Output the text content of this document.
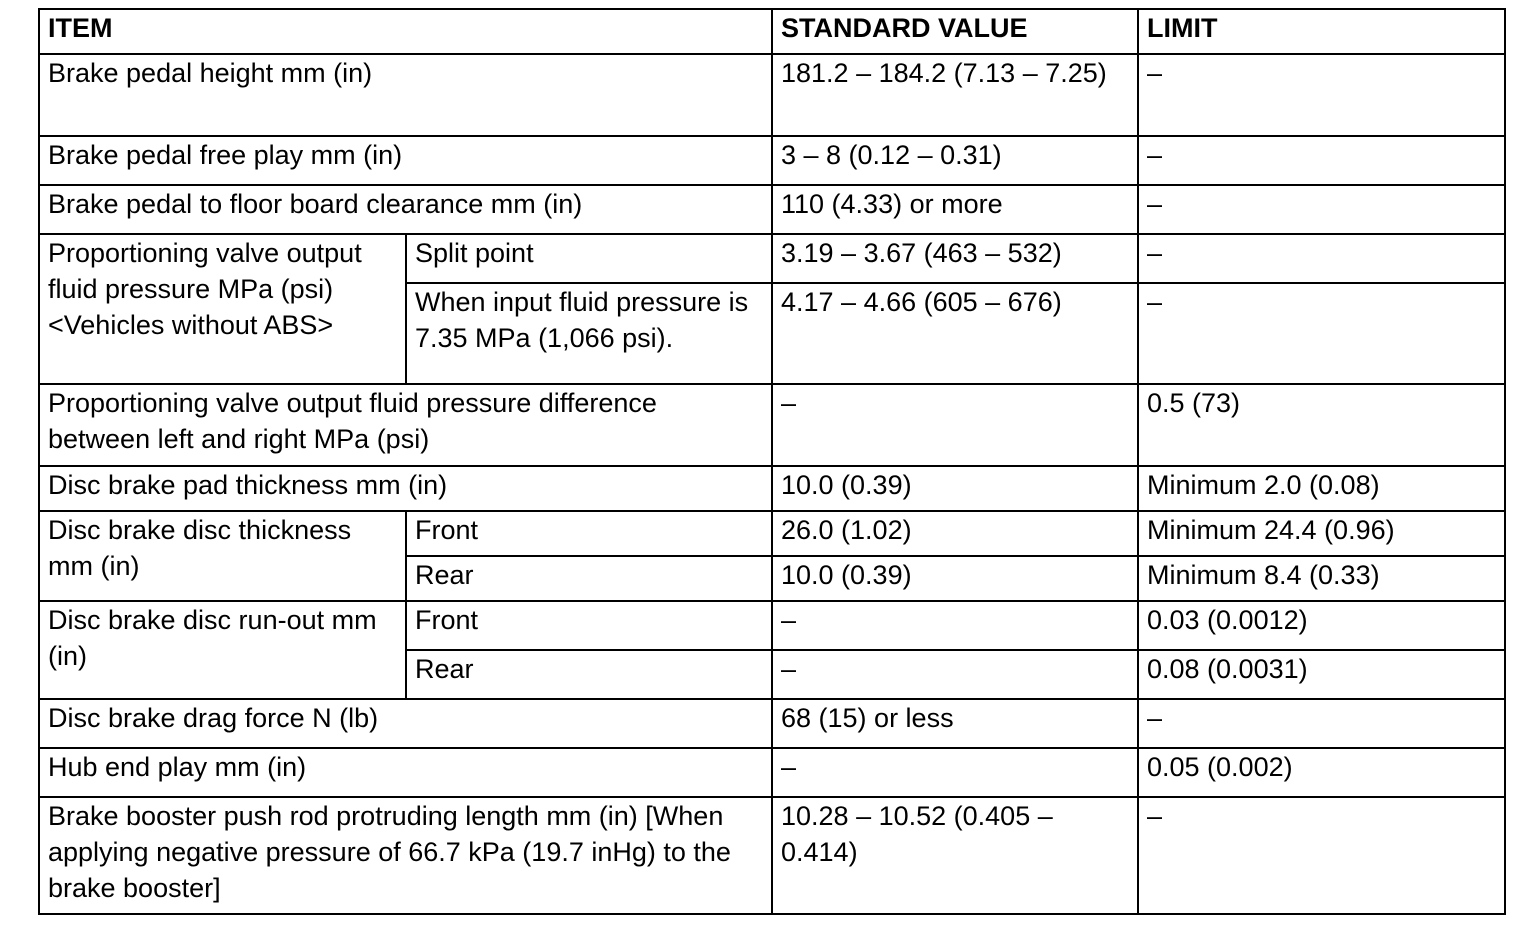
ITEM		STANDARD VALUE	LIMIT
Brake pedal height mm (in)		181.2 – 184.2 (7.13 – 7.25)	–
Brake pedal free play mm (in)		3 – 8 (0.12 – 0.31)	–
Brake pedal to floor board clearance mm (in)		110 (4.33) or more	–
Proportioning valve output fluid pressure MPa (psi) <Vehicles without ABS>	Split point	3.19 – 3.67 (463 – 532)	–
	When input fluid pressure is 7.35 MPa (1,066 psi).	4.17 – 4.66 (605 – 676)	–
Proportioning valve output fluid pressure difference between left and right MPa (psi)		–	0.5 (73)
Disc brake pad thickness mm (in)		10.0 (0.39)	Minimum 2.0 (0.08)
Disc brake disc thickness mm (in)	Front	26.0 (1.02)	Minimum 24.4 (0.96)
	Rear	10.0 (0.39)	Minimum 8.4 (0.33)
Disc brake disc run-out mm (in)	Front	–	0.03 (0.0012)
	Rear	–	0.08 (0.0031)
Disc brake drag force N (lb)		68 (15) or less	–
Hub end play mm (in)		–	0.05 (0.002)
Brake booster push rod protruding length mm (in) [When applying negative pressure of 66.7 kPa (19.7 inHg) to the brake booster]		10.28 – 10.52 (0.405 – 0.414)	–
